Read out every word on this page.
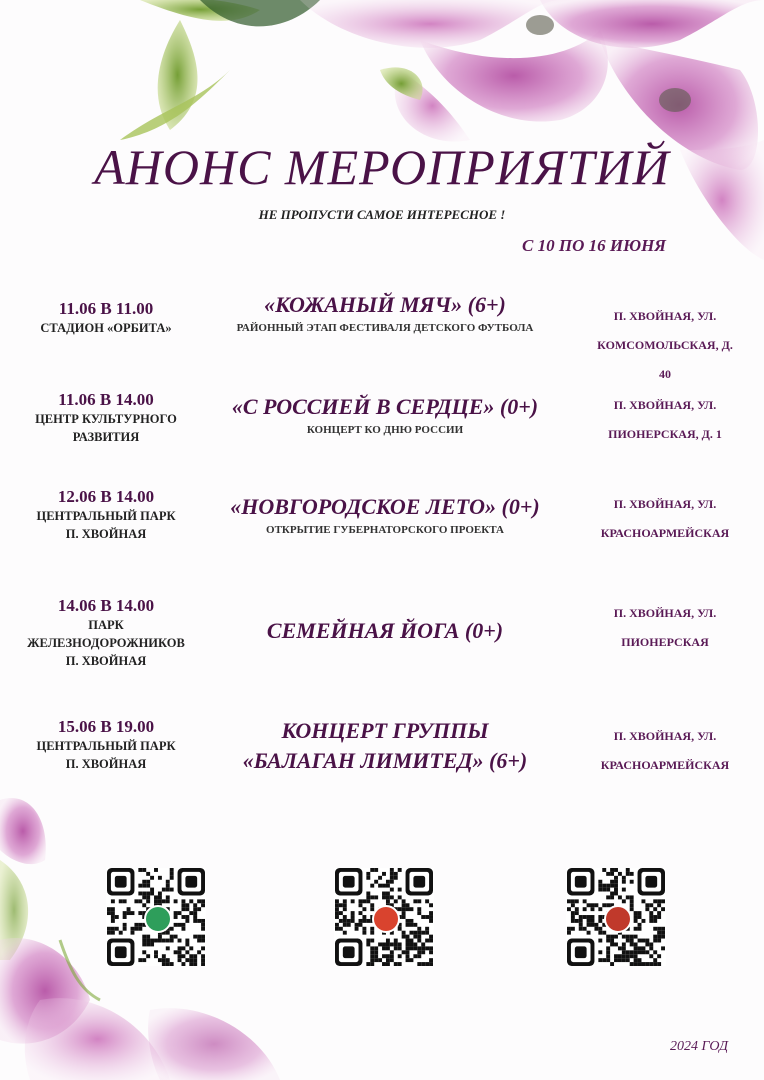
АНОНС МЕРОПРИЯТИЙ
НЕ ПРОПУСТИ САМОЕ ИНТЕРЕСНОЕ !
С 10 ПО 16 ИЮНЯ
11.06 В 11.00
СТАДИОН «ОРБИТА»
«КОЖАНЫЙ МЯЧ» (6+)
РАЙОННЫЙ ЭТАП ФЕСТИВАЛЯ ДЕТСКОГО ФУТБОЛА
П. ХВОЙНАЯ, УЛ.
КОМСОМОЛЬСКАЯ, Д. 40
11.06 В 14.00
ЦЕНТР КУЛЬТУРНОГО
РАЗВИТИЯ
«С РОССИЕЙ В СЕРДЦЕ» (0+)
КОНЦЕРТ КО ДНЮ РОССИИ
П. ХВОЙНАЯ, УЛ.
ПИОНЕРСКАЯ, Д. 1
12.06 В 14.00
ЦЕНТРАЛЬНЫЙ ПАРК
П. ХВОЙНАЯ
«НОВГОРОДСКОЕ ЛЕТО» (0+)
ОТКРЫТИЕ ГУБЕРНАТОРСКОГО ПРОЕКТА
П. ХВОЙНАЯ, УЛ.
КРАСНОАРМЕЙСКАЯ
14.06 В 14.00
ПАРК
ЖЕЛЕЗНОДОРОЖНИКОВ
П. ХВОЙНАЯ
СЕМЕЙНАЯ ЙОГА (0+)
П. ХВОЙНАЯ, УЛ.
ПИОНЕРСКАЯ
15.06 В 19.00
ЦЕНТРАЛЬНЫЙ ПАРК
П. ХВОЙНАЯ
КОНЦЕРТ ГРУППЫ
«БАЛАГАН ЛИМИТЕД» (6+)
П. ХВОЙНАЯ, УЛ.
КРАСНОАРМЕЙСКАЯ
2024 ГОД
